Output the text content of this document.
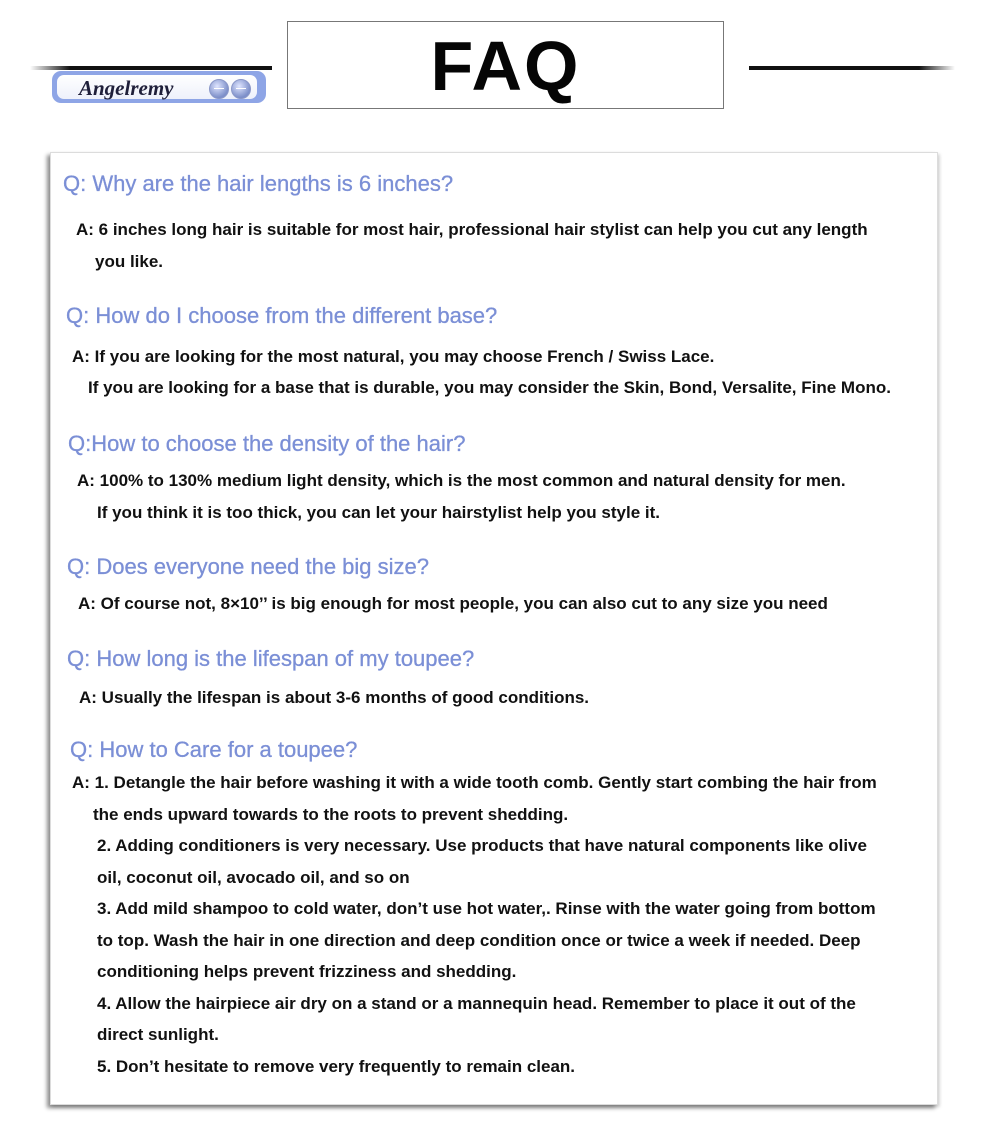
Angelremy	FAQ
Q: Why are the hair lengths is 6 inches?
A: 6 inches long hair is suitable for most hair, professional hair stylist can help you cut any length
you like.
Q: How do I choose from the different base?
A: If you are looking for the most natural, you may choose French / Swiss Lace.
If you are looking for a base that is durable, you may consider the Skin, Bond, Versalite, Fine Mono.
Q:How to choose the density of the hair?
A: 100% to 130% medium light density, which is the most common and natural density for men.
If you think it is too thick, you can let your hairstylist help you style it.
Q: Does everyone need the big size?
A: Of course not, 8×10’’ is big enough for most people, you can also cut to any size you need
Q: How long is the lifespan of my toupee?
A: Usually the lifespan is about 3-6 months of good conditions.
Q: How to Care for a toupee?
A: 1. Detangle the hair before washing it with a wide tooth comb. Gently start combing the hair from
the ends upward towards to the roots to prevent shedding.
2. Adding conditioners is very necessary. Use products that have natural components like olive
oil, coconut oil, avocado oil, and so on
3. Add mild shampoo to cold water, don’t use hot water,. Rinse with the water going from bottom
to top. Wash the hair in one direction and deep condition once or twice a week if needed. Deep
conditioning helps prevent frizziness and shedding.
4. Allow the hairpiece air dry on a stand or a mannequin head. Remember to place it out of the
direct sunlight.
5. Don’t hesitate to remove very frequently to remain clean.
